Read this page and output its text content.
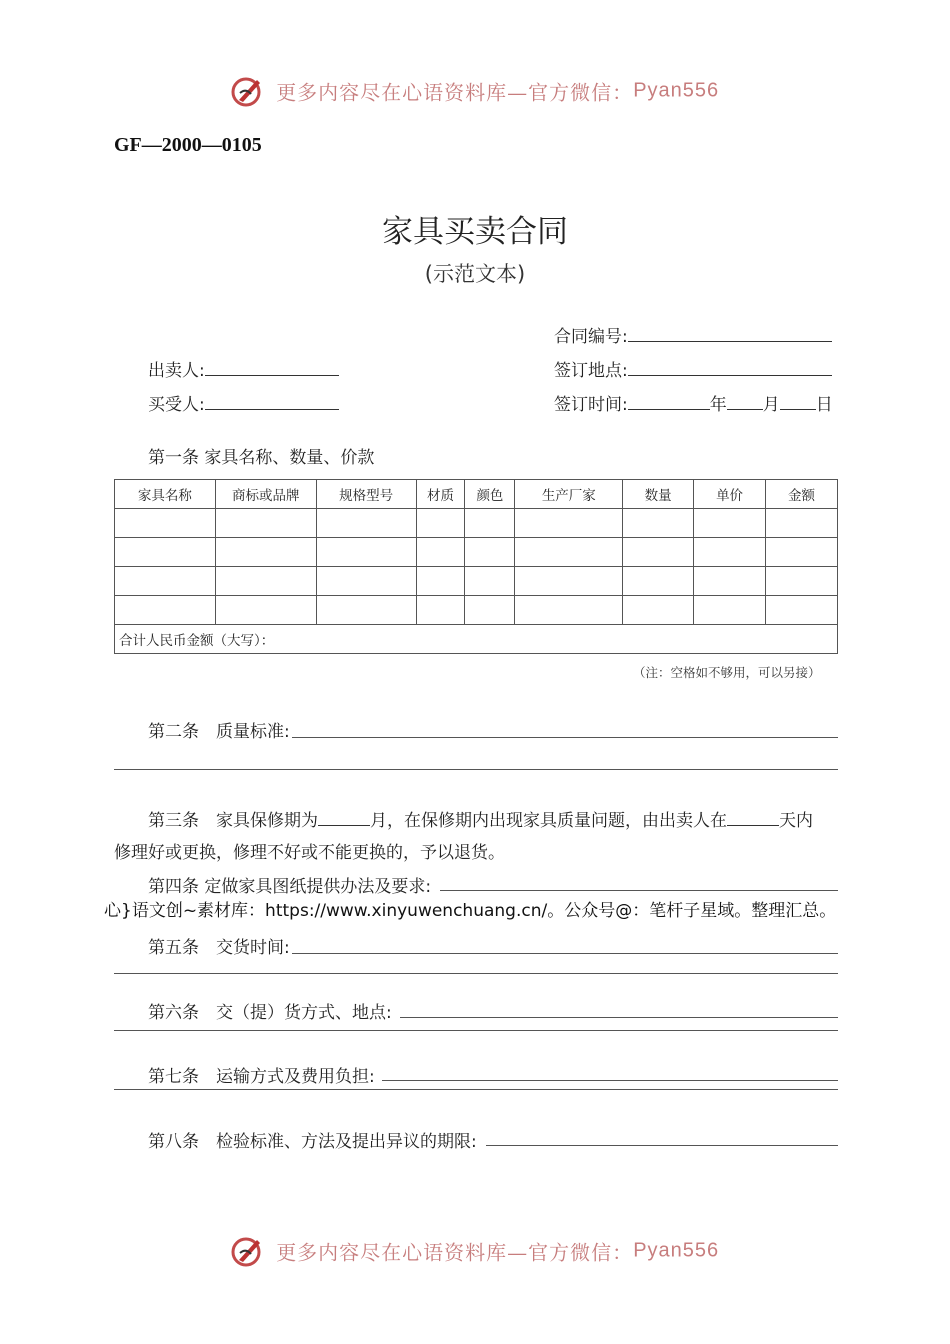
更多内容尽在心语资料库—官方微信：Pyan556
GF—2000—0105
家具买卖合同
(示范文本)
合同编号:
出卖人:	签订地点:
买受人:	签订时间:	年 月 日
第一条 家具名称、数量、价款
家具名称	商标或品牌	规格型号	材质	颜色	生产厂家	数量	单价	金额

合计人民币金额（大写）：								
（注：空格如不够用，可以另接）
第二条　质量标准:
第三条　家具保修期为	月，在保修期内出现家具质量问题，由出卖人在	天内
修理好或更换，修理不好或不能更换的，予以退货。
第四条 定做家具图纸提供办法及要求:
心}语文创~素材库：https://www.xinyuwenchuang.cn/。公众号@：笔杆子星域。整理汇总。
第五条　交货时间:
第六条　交（提）货方式、地点:
第七条　运输方式及费用负担:
第八条　检验标准、方法及提出异议的期限:
更多内容尽在心语资料库—官方微信：Pyan556
